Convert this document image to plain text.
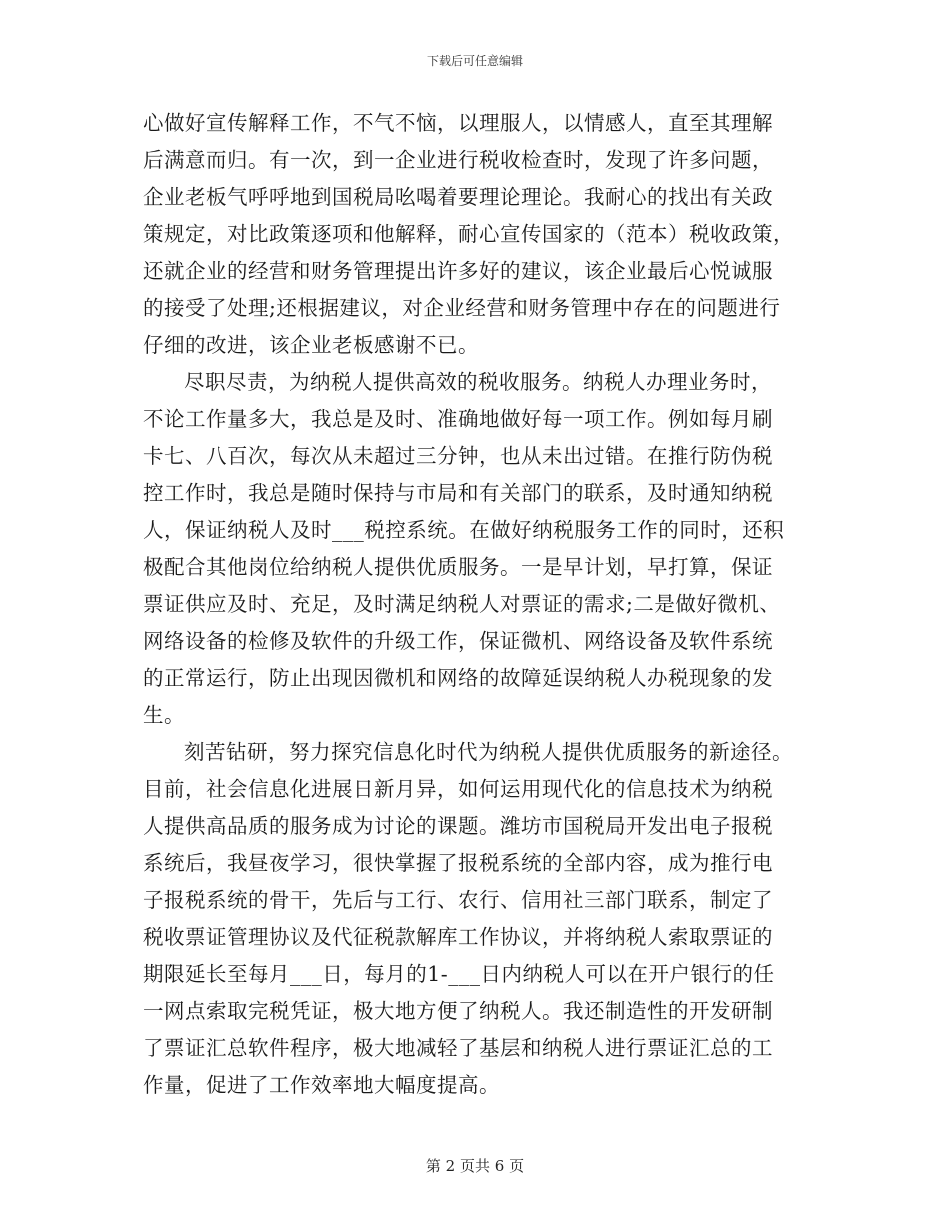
下载后可任意编辑
心做好宣传解释工作，不气不恼，以理服人，以情感人，直至其理解
后满意而归。有一次，到一企业进行税收检查时，发现了许多问题，
企业老板气呼呼地到国税局吆喝着要理论理论。我耐心的找出有关政
策规定，对比政策逐项和他解释，耐心宣传国家的（范本）税收政策，
还就企业的经营和财务管理提出许多好的建议，该企业最后心悦诚服
的接受了处理;还根据建议，对企业经营和财务管理中存在的问题进行
仔细的改进，该企业老板感谢不已。
尽职尽责，为纳税人提供高效的税收服务。纳税人办理业务时，
不论工作量多大，我总是及时、准确地做好每一项工作。例如每月刷
卡七、八百次，每次从未超过三分钟，也从未出过错。在推行防伪税
控工作时，我总是随时保持与市局和有关部门的联系，及时通知纳税
人，保证纳税人及时___税控系统。在做好纳税服务工作的同时，还积
极配合其他岗位给纳税人提供优质服务。一是早计划，早打算，保证
票证供应及时、充足，及时满足纳税人对票证的需求;二是做好微机、
网络设备的检修及软件的升级工作，保证微机、网络设备及软件系统
的正常运行，防止出现因微机和网络的故障延误纳税人办税现象的发
生。
刻苦钻研，努力探究信息化时代为纳税人提供优质服务的新途径。
目前，社会信息化进展日新月异，如何运用现代化的信息技术为纳税
人提供高品质的服务成为讨论的课题。潍坊市国税局开发出电子报税
系统后，我昼夜学习，很快掌握了报税系统的全部内容，成为推行电
子报税系统的骨干，先后与工行、农行、信用社三部门联系，制定了
税收票证管理协议及代征税款解库工作协议，并将纳税人索取票证的
期限延长至每月___日，每月的1-___日内纳税人可以在开户银行的任
一网点索取完税凭证，极大地方便了纳税人。我还制造性的开发研制
了票证汇总软件程序，极大地减轻了基层和纳税人进行票证汇总的工
作量，促进了工作效率地大幅度提高。
第 2 页共 6 页
